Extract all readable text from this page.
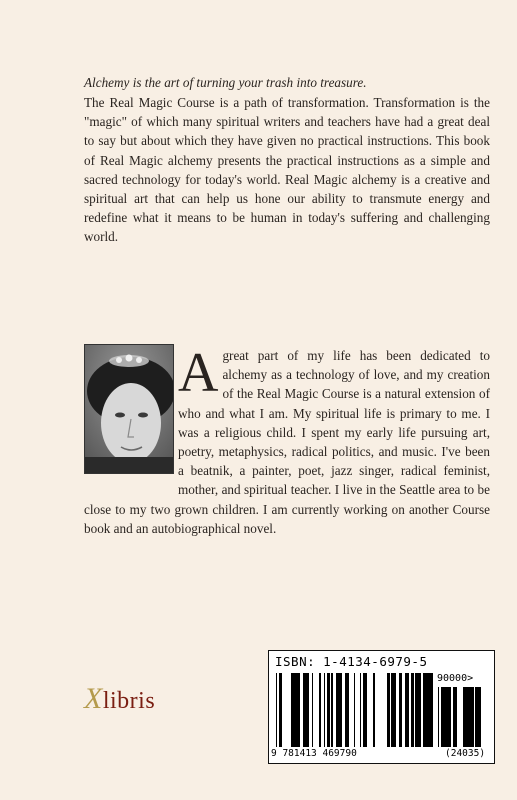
Alchemy is the art of turning your trash into treasure.

The Real Magic Course is a path of transformation. Transformation is the "magic" of which many spiritual writers and teachers have had a great deal to say but about which they have given no practical instructions. This book of Real Magic alchemy presents the practical instructions as a simple and sacred technology for today's world. Real Magic alchemy is a creative and spiritual art that can help us hone our ability to transmute energy and redefine what it means to be human in today's suffering and challenging world.

Agreat part of my life has been dedicated to alchemy as a technology of love, and my creation of the Real Magic Course is a natural extension of who and what I am. My spiritual life is primary to me. I was a religious child. I spent my early life pursuing art, poetry, metaphysics, radical politics, and music. I've been a beatnik, a painter, poet, jazz singer, radical feminist, mother, and spiritual teacher. I live in the Seattle area to be close to my two grown children. I am currently working on another Course book and an autobiographical novel.

Xlibris
ISBN: 1-4134-6979-5
90000>
9 781413 469790	(24035)
